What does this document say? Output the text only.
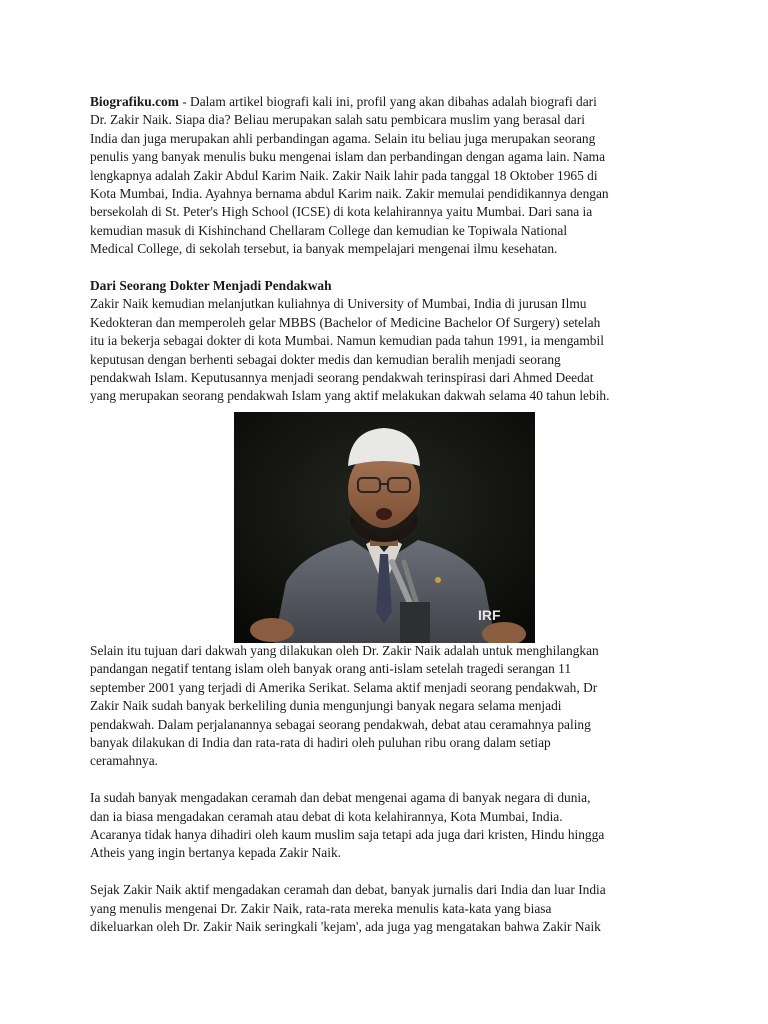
Biografiku.com - Dalam artikel biografi kali ini, profil yang akan dibahas adalah biografi dari
Dr. Zakir Naik. Siapa dia? Beliau merupakan salah satu pembicara muslim yang berasal dari
India dan juga merupakan ahli perbandingan agama. Selain itu beliau juga merupakan seorang
penulis yang banyak menulis buku mengenai islam dan perbandingan dengan agama lain. Nama
lengkapnya adalah Zakir Abdul Karim Naik. Zakir Naik lahir pada tanggal 18 Oktober 1965 di
Kota Mumbai, India. Ayahnya bernama abdul Karim naik. Zakir memulai pendidikannya dengan
bersekolah di St. Peter's High School (ICSE) di kota kelahirannya yaitu Mumbai. Dari sana ia
kemudian masuk di Kishinchand Chellaram College dan kemudian ke Topiwala National
Medical College, di sekolah tersebut, ia banyak mempelajari mengenai ilmu kesehatan.
Dari Seorang Dokter Menjadi Pendakwah
Zakir Naik kemudian melanjutkan kuliahnya di University of Mumbai, India di jurusan Ilmu
Kedokteran dan memperoleh gelar MBBS (Bachelor of Medicine Bachelor Of Surgery) setelah
itu ia bekerja sebagai dokter di kota Mumbai. Namun kemudian pada tahun 1991, ia mengambil
keputusan dengan berhenti sebagai dokter medis dan kemudian beralih menjadi seorang
pendakwah Islam. Keputusannya menjadi seorang pendakwah terinspirasi dari Ahmed Deedat
yang merupakan seorang pendakwah Islam yang aktif melakukan dakwah selama 40 tahun lebih.
IRF
Selain itu tujuan dari dakwah yang dilakukan oleh Dr. Zakir Naik adalah untuk menghilangkan
pandangan negatif tentang islam oleh banyak orang anti-islam setelah tragedi serangan 11
september 2001 yang terjadi di Amerika Serikat. Selama aktif menjadi seorang pendakwah, Dr
Zakir Naik sudah banyak berkeliling dunia mengunjungi banyak negara selama menjadi
pendakwah. Dalam perjalanannya sebagai seorang pendakwah, debat atau ceramahnya paling
banyak dilakukan di India dan rata-rata di hadiri oleh puluhan ribu orang dalam setiap
ceramahnya.
Ia sudah banyak mengadakan ceramah dan debat mengenai agama di banyak negara di dunia,
dan ia biasa mengadakan ceramah atau debat di kota kelahirannya, Kota Mumbai, India.
Acaranya tidak hanya dihadiri oleh kaum muslim saja tetapi ada juga dari kristen, Hindu hingga
Atheis yang ingin bertanya kepada Zakir Naik.
Sejak Zakir Naik aktif mengadakan ceramah dan debat, banyak jurnalis dari India dan luar India
yang menulis mengenai Dr. Zakir Naik, rata-rata mereka menulis kata-kata yang biasa
dikeluarkan oleh Dr. Zakir Naik seringkali 'kejam', ada juga yag mengatakan bahwa Zakir Naik
